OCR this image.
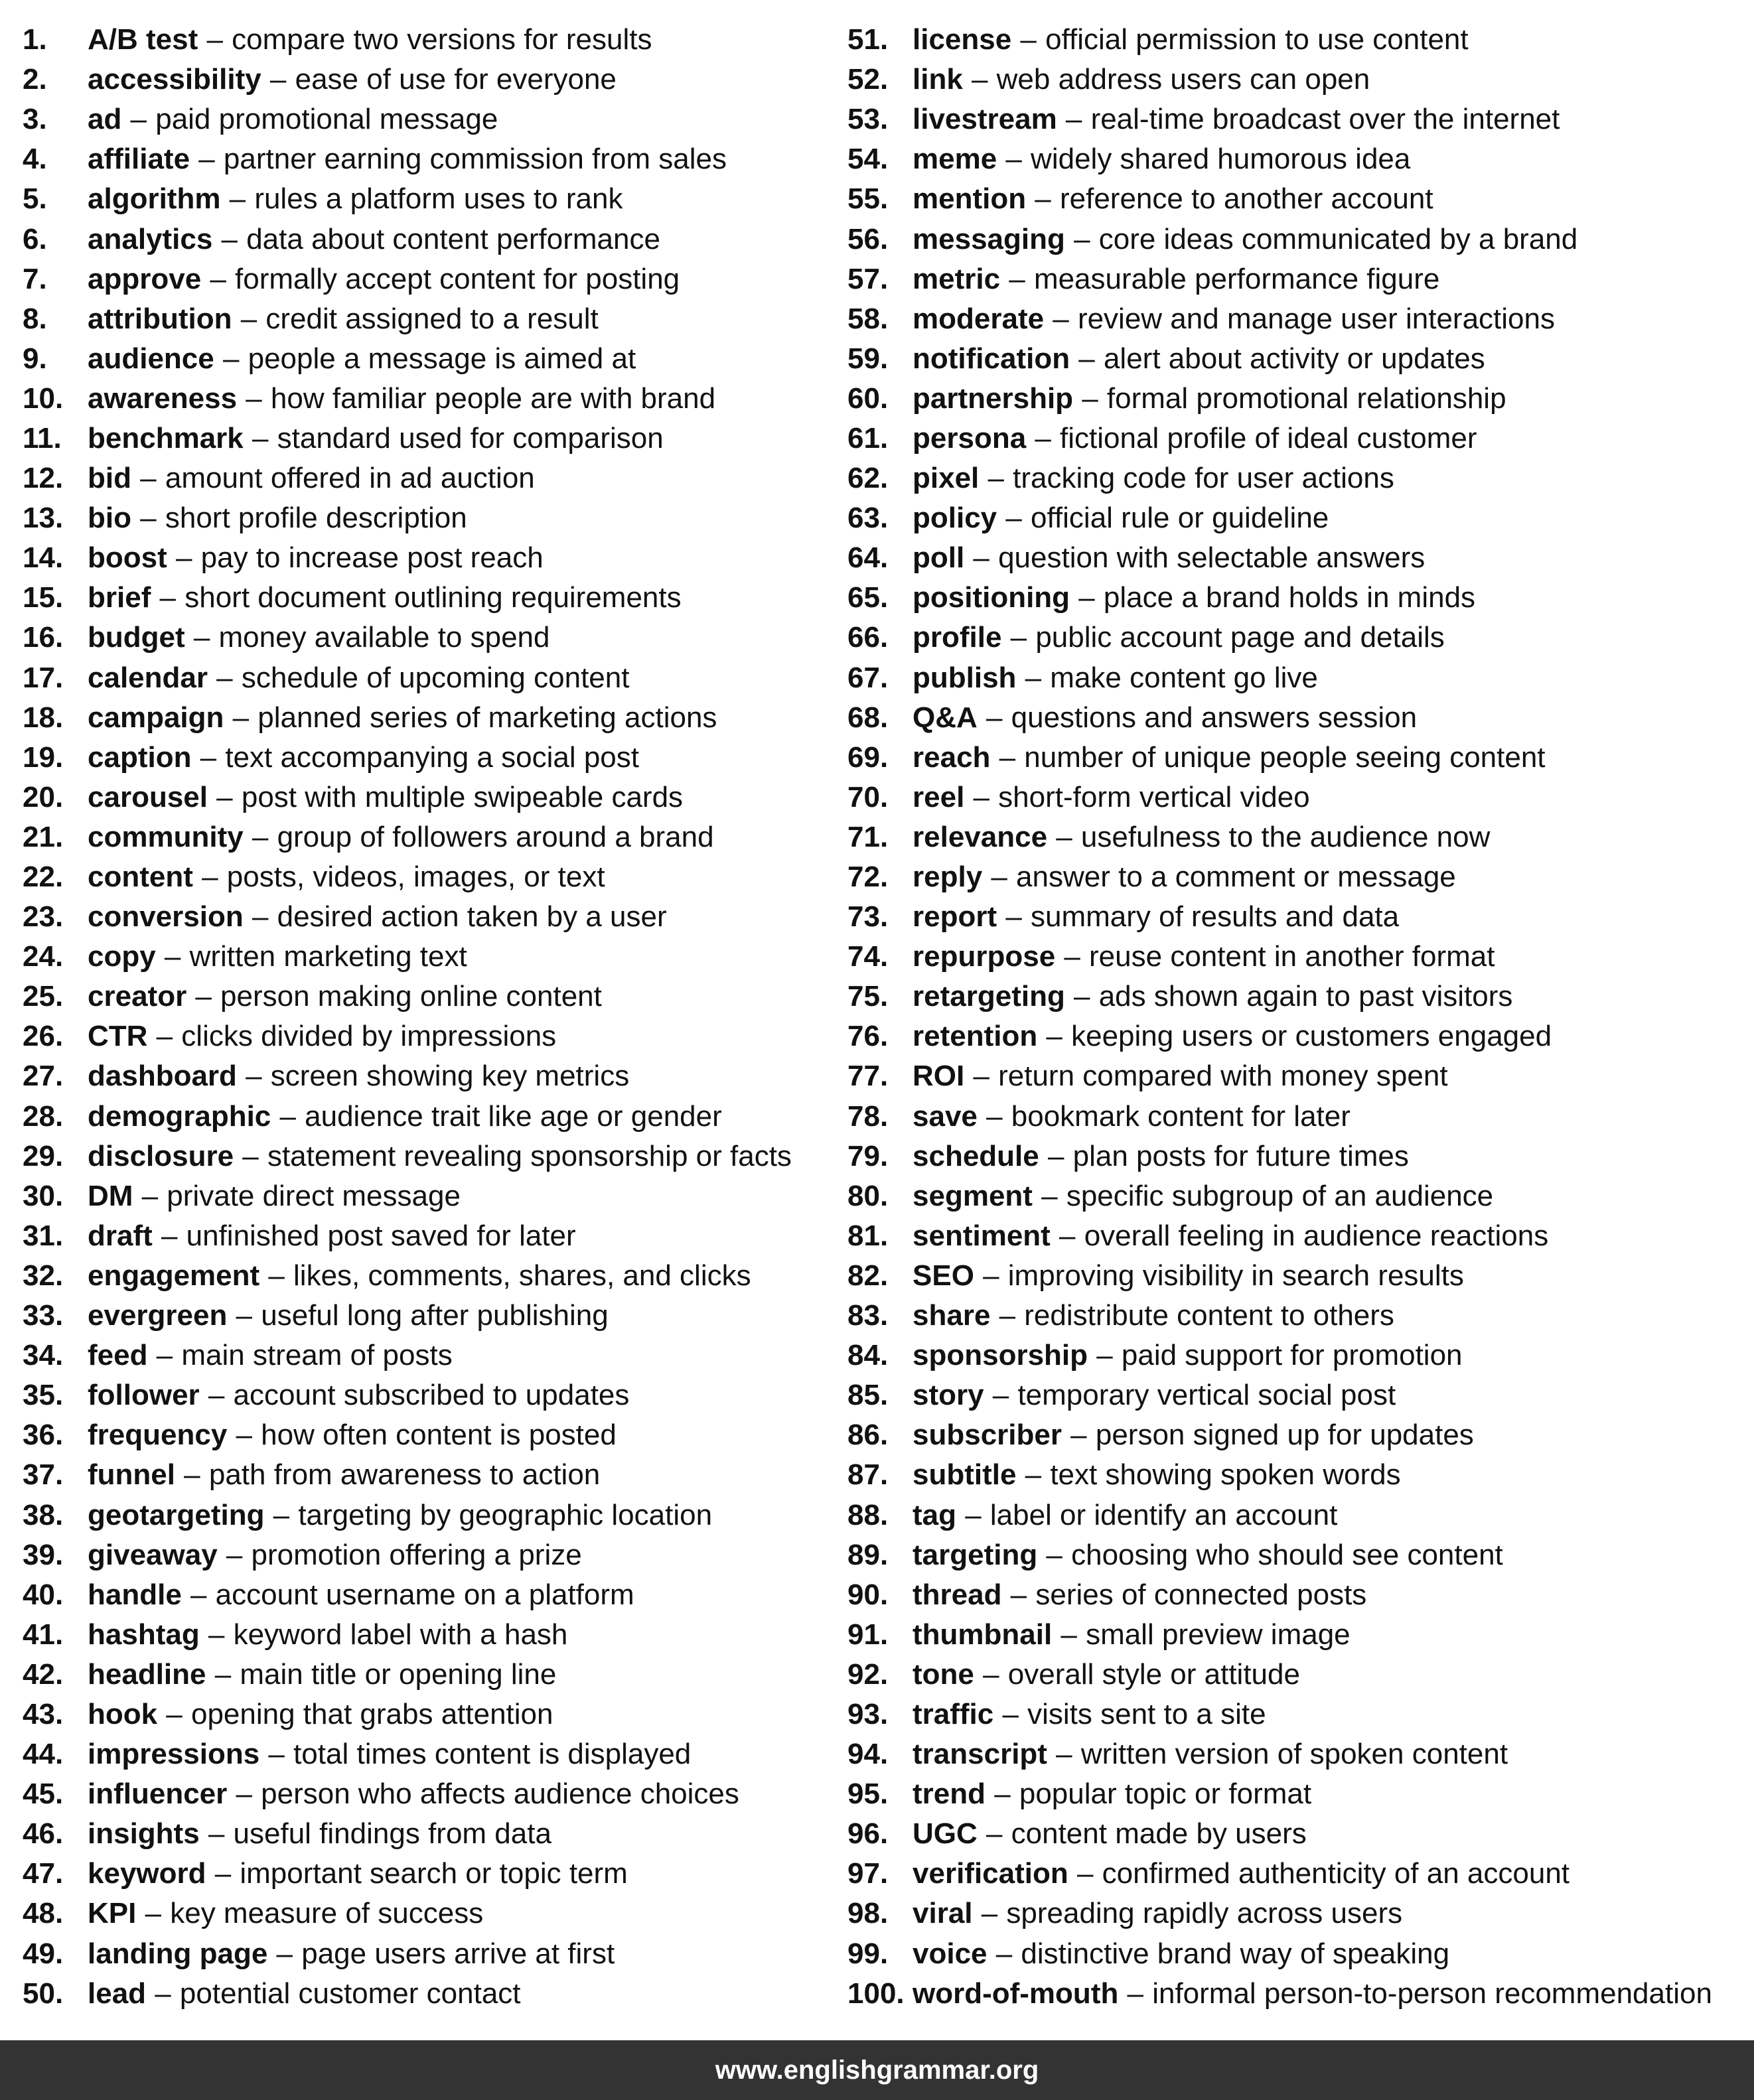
1.	A/B test – compare two versions for results
2.	accessibility – ease of use for everyone
3.	ad – paid promotional message
4.	affiliate – partner earning commission from sales
5.	algorithm – rules a platform uses to rank
6.	analytics – data about content performance
7.	approve – formally accept content for posting
8.	attribution – credit assigned to a result
9.	audience – people a message is aimed at
10. awareness – how familiar people are with brand
11. benchmark – standard used for comparison
12. bid – amount offered in ad auction
13. bio – short profile description
14. boost – pay to increase post reach
15. brief – short document outlining requirements
16. budget – money available to spend
17. calendar – schedule of upcoming content
18. campaign – planned series of marketing actions
19. caption – text accompanying a social post
20. carousel – post with multiple swipeable cards
21. community – group of followers around a brand
22. content – posts, videos, images, or text
23. conversion – desired action taken by a user
24. copy – written marketing text
25. creator – person making online content
26. CTR – clicks divided by impressions
27. dashboard – screen showing key metrics
28. demographic – audience trait like age or gender
29. disclosure – statement revealing sponsorship or facts
30. DM – private direct message
31. draft – unfinished post saved for later
32. engagement – likes, comments, shares, and clicks
33. evergreen – useful long after publishing
34. feed – main stream of posts
35. follower – account subscribed to updates
36. frequency – how often content is posted
37. funnel – path from awareness to action
38. geotargeting – targeting by geographic location
39. giveaway – promotion offering a prize
40. handle – account username on a platform
41. hashtag – keyword label with a hash
42. headline – main title or opening line
43. hook – opening that grabs attention
44. impressions – total times content is displayed
45. influencer – person who affects audience choices
46. insights – useful findings from data
47. keyword – important search or topic term
48. KPI – key measure of success
49. landing page – page users arrive at first
50. lead – potential customer contact
51. license – official permission to use content
52. link – web address users can open
53. livestream – real-time broadcast over the internet
54. meme – widely shared humorous idea
55. mention – reference to another account
56. messaging – core ideas communicated by a brand
57. metric – measurable performance figure
58. moderate – review and manage user interactions
59. notification – alert about activity or updates
60. partnership – formal promotional relationship
61. persona – fictional profile of ideal customer
62. pixel – tracking code for user actions
63. policy – official rule or guideline
64. poll – question with selectable answers
65. positioning – place a brand holds in minds
66. profile – public account page and details
67. publish – make content go live
68. Q&A – questions and answers session
69. reach – number of unique people seeing content
70. reel – short-form vertical video
71. relevance – usefulness to the audience now
72. reply – answer to a comment or message
73. report – summary of results and data
74. repurpose – reuse content in another format
75. retargeting – ads shown again to past visitors
76. retention – keeping users or customers engaged
77. ROI – return compared with money spent
78. save – bookmark content for later
79. schedule – plan posts for future times
80. segment – specific subgroup of an audience
81. sentiment – overall feeling in audience reactions
82. SEO – improving visibility in search results
83. share – redistribute content to others
84. sponsorship – paid support for promotion
85. story – temporary vertical social post
86. subscriber – person signed up for updates
87. subtitle – text showing spoken words
88. tag – label or identify an account
89. targeting – choosing who should see content
90. thread – series of connected posts
91. thumbnail – small preview image
92. tone – overall style or attitude
93. traffic – visits sent to a site
94. transcript – written version of spoken content
95. trend – popular topic or format
96. UGC – content made by users
97. verification – confirmed authenticity of an account
98. viral – spreading rapidly across users
99. voice – distinctive brand way of speaking
100. word-of-mouth – informal person-to-person recommendation
www.englishgrammar.org
